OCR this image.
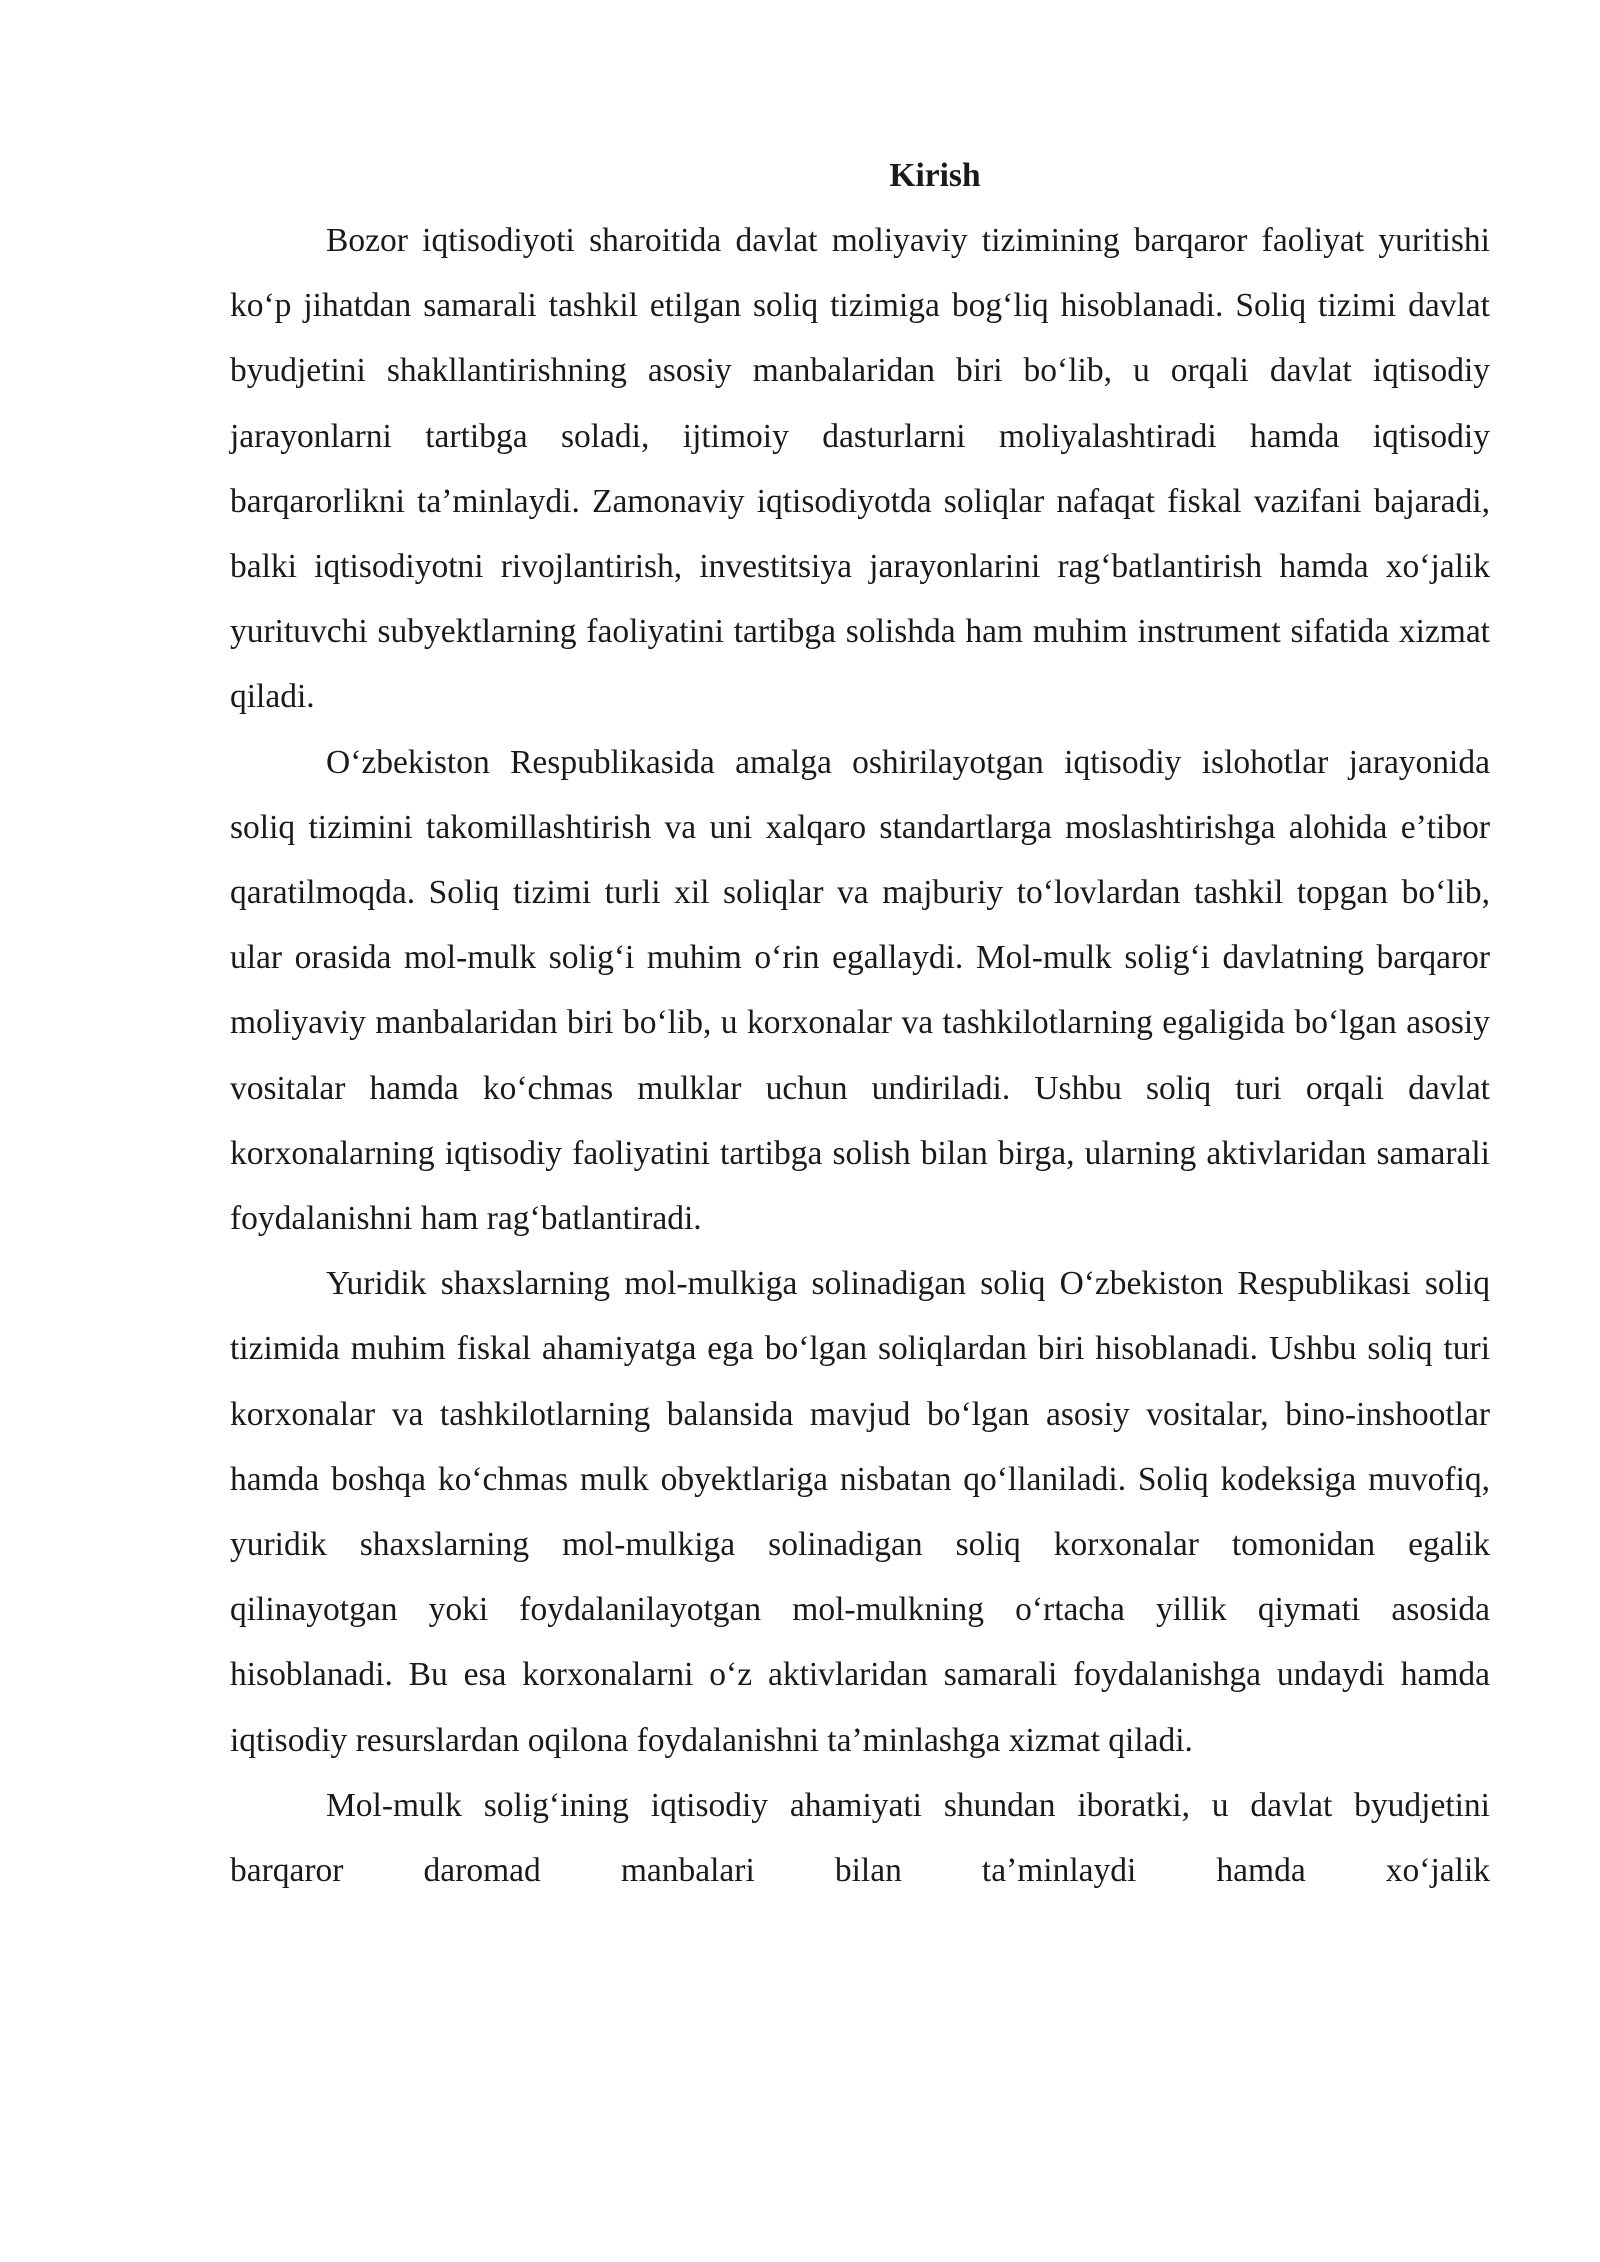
Kirish

Bozor iqtisodiyoti sharoitida davlat moliyaviy tizimining barqaror faoliyat yuritishi koʻp jihatdan samarali tashkil etilgan soliq tizimiga bogʻliq hisoblanadi. Soliq tizimi davlat byudjetini shakllantirishning asosiy manbalaridan biri boʻlib, u orqali davlat iqtisodiy jarayonlarni tartibga soladi, ijtimoiy dasturlarni moliyalashtiradi hamda iqtisodiy barqarorlikni taʼminlaydi. Zamonaviy iqtisodiyotda soliqlar nafaqat fiskal vazifani bajaradi, balki iqtisodiyotni rivojlantirish, investitsiya jarayonlarini ragʻbatlantirish hamda xoʻjalik yurituvchi subyektlarning faoliyatini tartibga solishda ham muhim instrument sifatida xizmat qiladi.

Oʻzbekiston Respublikasida amalga oshirilayotgan iqtisodiy islohotlar jarayonida soliq tizimini takomillashtirish va uni xalqaro standartlarga moslashtirishga alohida eʼtibor qaratilmoqda. Soliq tizimi turli xil soliqlar va majburiy toʻlovlardan tashkil topgan boʻlib, ular orasida mol-mulk soligʻi muhim oʻrin egallaydi. Mol-mulk soligʻi davlatning barqaror moliyaviy manbalaridan biri boʻlib, u korxonalar va tashkilotlarning egaligida boʻlgan asosiy vositalar hamda koʻchmas mulklar uchun undiriladi. Ushbu soliq turi orqali davlat korxonalarning iqtisodiy faoliyatini tartibga solish bilan birga, ularning aktivlaridan samarali foydalanishni ham ragʻbatlantiradi.

Yuridik shaxslarning mol-mulkiga solinadigan soliq Oʻzbekiston Respublikasi soliq tizimida muhim fiskal ahamiyatga ega boʻlgan soliqlardan biri hisoblanadi. Ushbu soliq turi korxonalar va tashkilotlarning balansida mavjud boʻlgan asosiy vositalar, bino-inshootlar hamda boshqa koʻchmas mulk obyektlariga nisbatan qoʻllaniladi. Soliq kodeksiga muvofiq, yuridik shaxslarning mol-mulkiga solinadigan soliq korxonalar tomonidan egalik qilinayotgan yoki foydalanilayotgan mol-mulkning oʻrtacha yillik qiymati asosida hisoblanadi. Bu esa korxonalarni oʻz aktivlaridan samarali foydalanishga undaydi hamda iqtisodiy resurslardan oqilona foydalanishni taʼminlashga xizmat qiladi.

Mol-mulk soligʻining iqtisodiy ahamiyati shundan iboratki, u davlat byudjetini barqaror daromad manbalari bilan taʼminlaydi hamda xoʻjalik
